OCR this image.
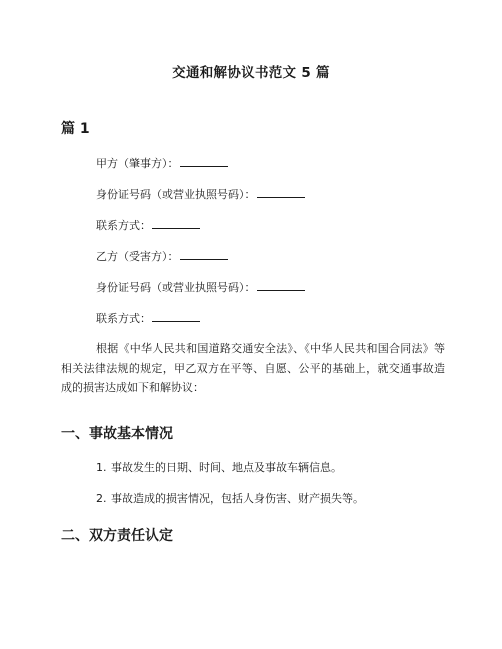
交通和解协议书范文 5 篇
篇 1
甲方（肇事方）：
身份证号码（或营业执照号码）：
联系方式：
乙方（受害方）：
身份证号码（或营业执照号码）：
联系方式：
根据《中华人民共和国道路交通安全法》、《中华人民共和国合同法》等相关法律法规的规定，甲乙双方在平等、自愿、公平的基础上，就交通事故造成的损害达成如下和解协议：
一、事故基本情况
1. 事故发生的日期、时间、地点及事故车辆信息。
2. 事故造成的损害情况，包括人身伤害、财产损失等。
二、双方责任认定
